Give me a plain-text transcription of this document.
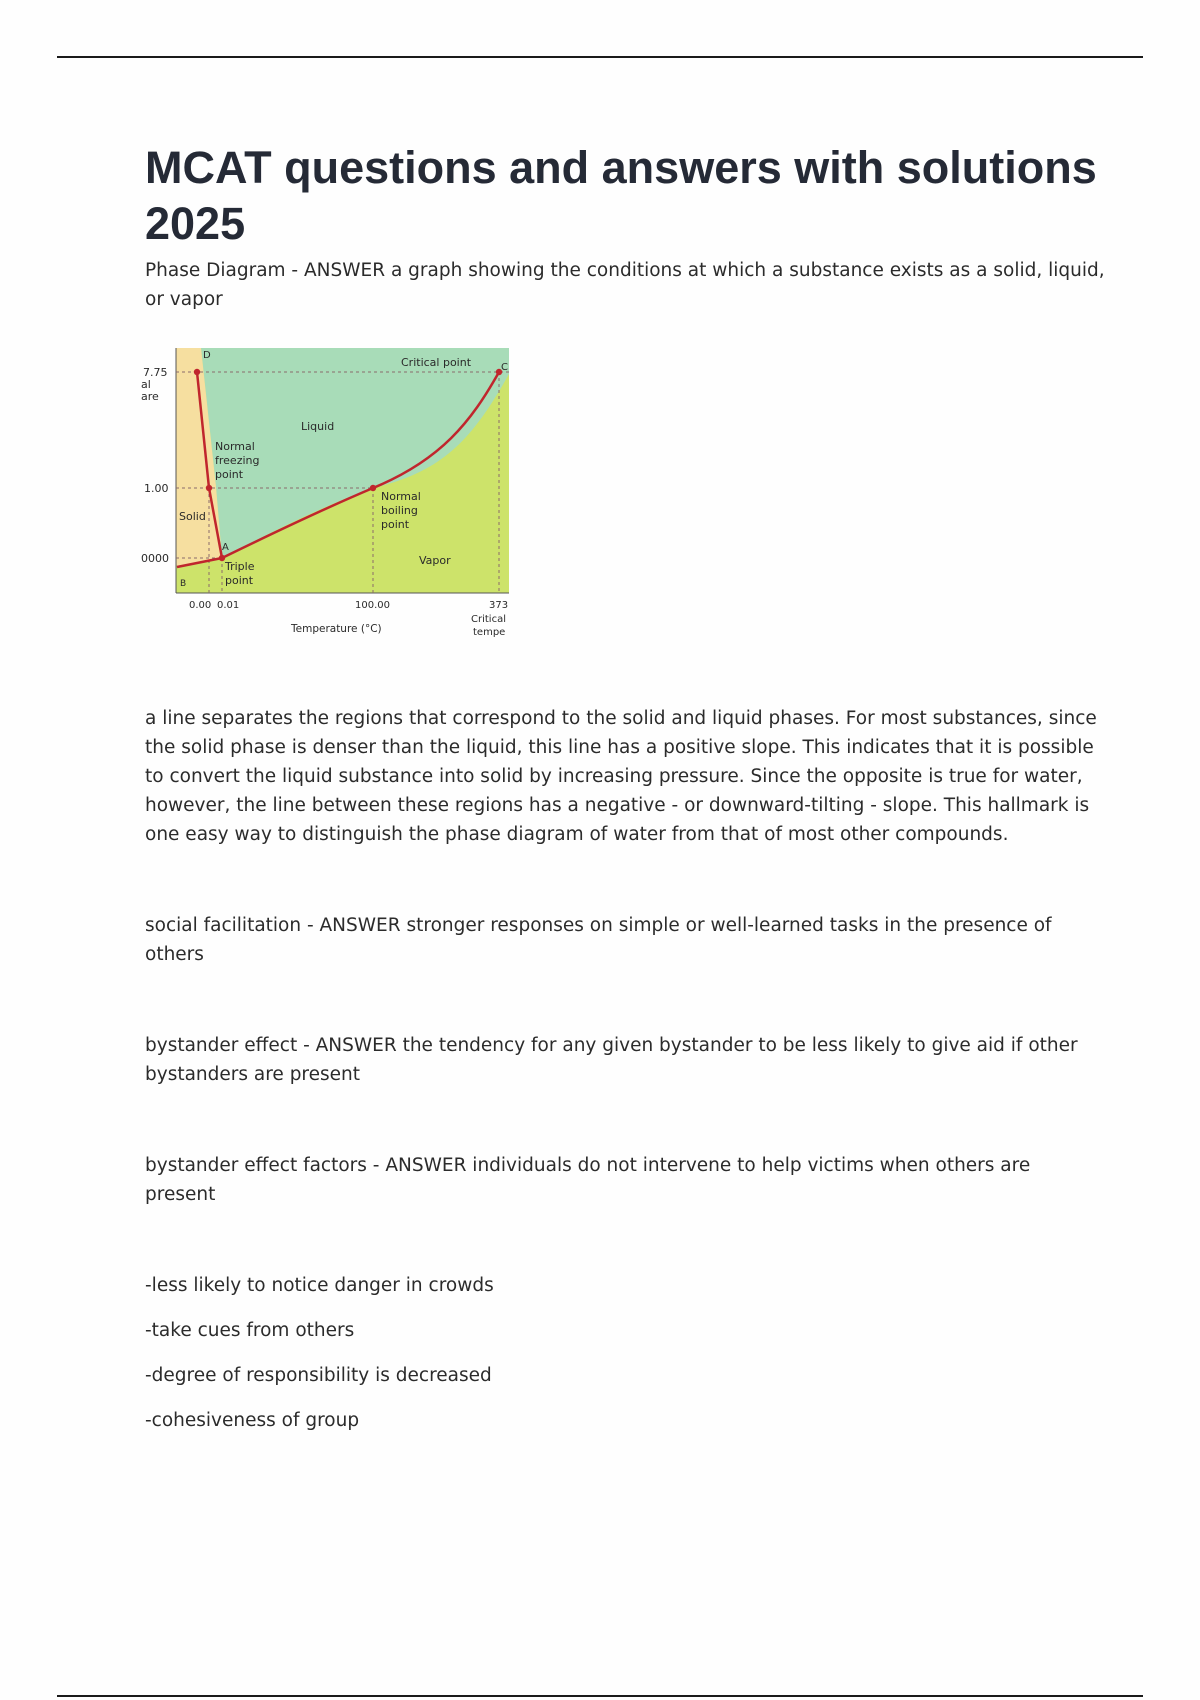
MCAT questions and answers with solutions 2025

Phase Diagram - ANSWER a graph showing the conditions at which a substance exists as a solid, liquid, or vapor

7.75
al
are
1.00
0000
D
Critical point	C
Liquid
Normal
freezing
point
Solid
Normal
boiling
point
A
Triple
point
B
Vapor
0.00 0.01	100.00	373
Temperature (°C)
Critical
tempe

a line separates the regions that correspond to the solid and liquid phases. For most substances, since the solid phase is denser than the liquid, this line has a positive slope. This indicates that it is possible to convert the liquid substance into solid by increasing pressure. Since the opposite is true for water, however, the line between these regions has a negative - or downward-tilting - slope. This hallmark is one easy way to distinguish the phase diagram of water from that of most other compounds.

social facilitation - ANSWER stronger responses on simple or well-learned tasks in the presence of others

bystander effect - ANSWER the tendency for any given bystander to be less likely to give aid if other bystanders are present

bystander effect factors - ANSWER individuals do not intervene to help victims when others are present

-less likely to notice danger in crowds

-take cues from others

-degree of responsibility is decreased

-cohesiveness of group
